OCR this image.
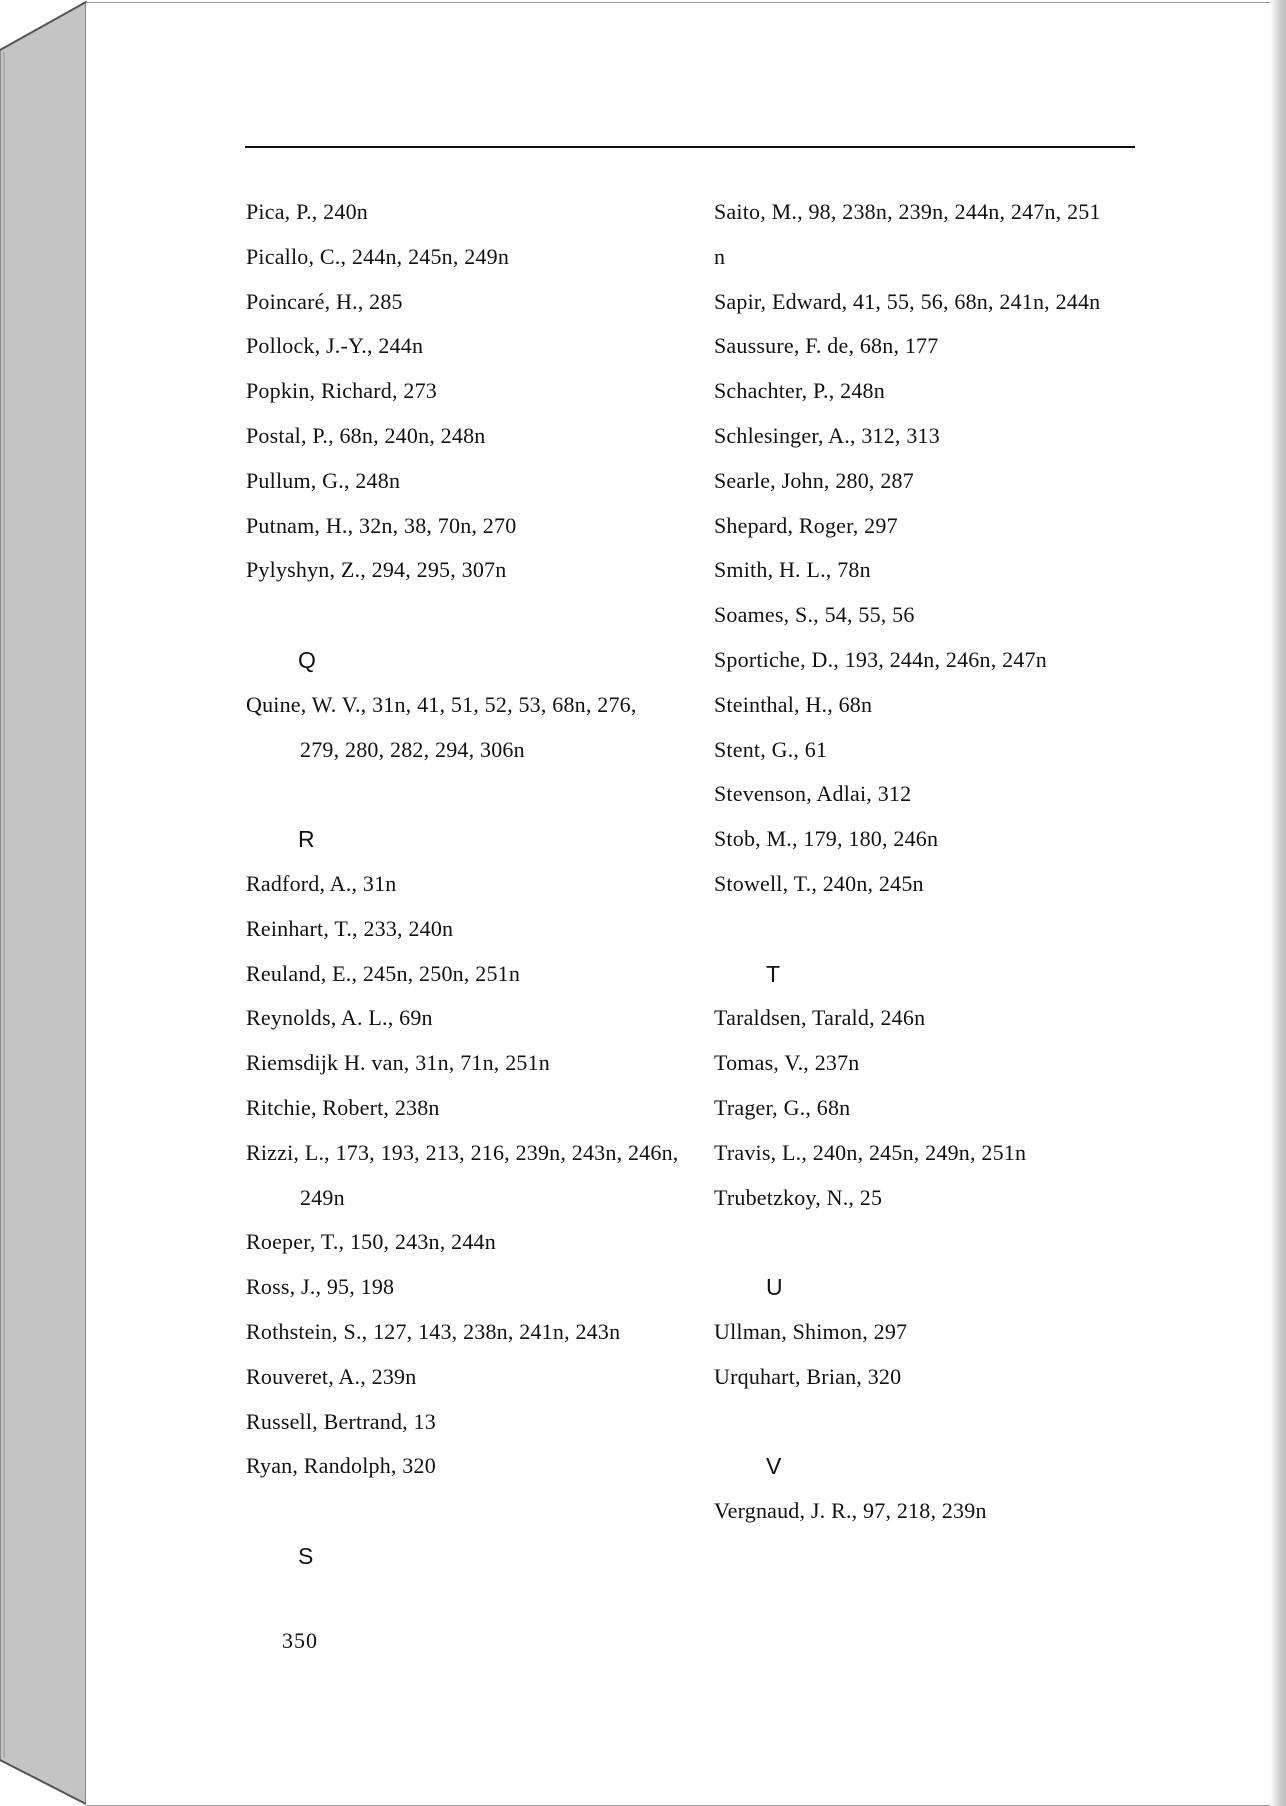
Pica, P., 240n
Picallo, C., 244n, 245n, 249n
Poincaré, H., 285
Pollock, J.-Y., 244n
Popkin, Richard, 273
Postal, P., 68n, 240n, 248n
Pullum, G., 248n
Putnam, H., 32n, 38, 70n, 270
Pylyshyn, Z., 294, 295, 307n
Q
Quine, W. V., 31n, 41, 51, 52, 53, 68n, 276,
279, 280, 282, 294, 306n
R
Radford, A., 31n
Reinhart, T., 233, 240n
Reuland, E., 245n, 250n, 251n
Reynolds, A. L., 69n
Riemsdijk H. van, 31n, 71n, 251n
Ritchie, Robert, 238n
Rizzi, L., 173, 193, 213, 216, 239n, 243n, 246n,
249n
Roeper, T., 150, 243n, 244n
Ross, J., 95, 198
Rothstein, S., 127, 143, 238n, 241n, 243n
Rouveret, A., 239n
Russell, Bertrand, 13
Ryan, Randolph, 320
S
Saito, M., 98, 238n, 239n, 244n, 247n, 251
n
Sapir, Edward, 41, 55, 56, 68n, 241n, 244n
Saussure, F. de, 68n, 177
Schachter, P., 248n
Schlesinger, A., 312, 313
Searle, John, 280, 287
Shepard, Roger, 297
Smith, H. L., 78n
Soames, S., 54, 55, 56
Sportiche, D., 193, 244n, 246n, 247n
Steinthal, H., 68n
Stent, G., 61
Stevenson, Adlai, 312
Stob, M., 179, 180, 246n
Stowell, T., 240n, 245n
T
Taraldsen, Tarald, 246n
Tomas, V., 237n
Trager, G., 68n
Travis, L., 240n, 245n, 249n, 251n
Trubetzkoy, N., 25
U
Ullman, Shimon, 297
Urquhart, Brian, 320
V
Vergnaud, J. R., 97, 218, 239n
350
